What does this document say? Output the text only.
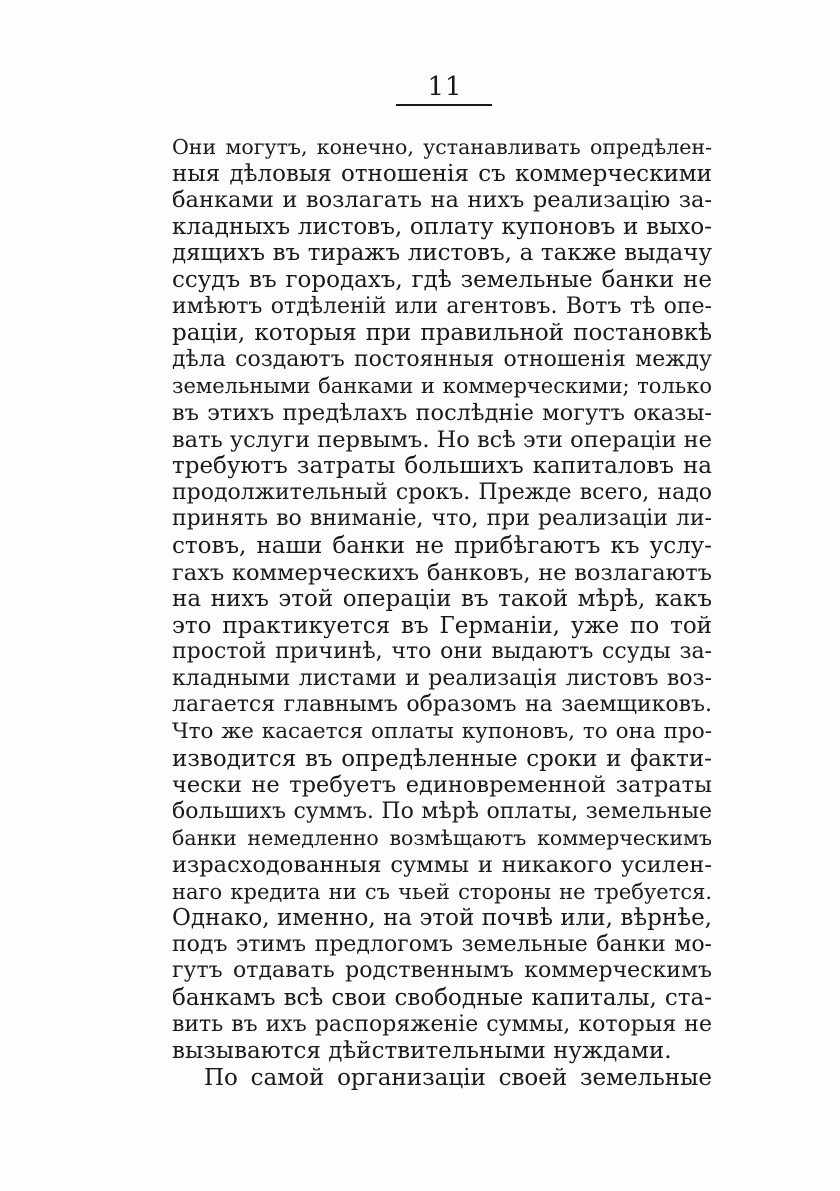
11
Они могутъ, конечно, устанавливать опредѣлен-
ныя дѣловыя отношенія съ коммерческими
банками и возлагать на нихъ реализацію за-
кладныхъ листовъ, оплату купоновъ и выхо-
дящихъ въ тиражъ листовъ, а также выдачу
ссудъ въ городахъ, гдѣ земельные банки не
имѣютъ отдѣленій или агентовъ. Вотъ тѣ опе-
раціи, которыя при правильной постановкѣ
дѣла создаютъ постоянныя отношенія между
земельными банками и коммерческими; только
въ этихъ предѣлахъ послѣдніе могутъ оказы-
вать услуги первымъ. Но всѣ эти операціи не
требуютъ затраты большихъ капиталовъ на
продолжительный срокъ. Прежде всего, надо
принять во вниманіе, что, при реализаціи ли-
стовъ, наши банки не прибѣгаютъ къ услу-
гахъ коммерческихъ банковъ, не возлагаютъ
на нихъ этой операціи въ такой мѣрѣ, какъ
это практикуется въ Германіи, уже по той
простой причинѣ, что они выдаютъ ссуды за-
кладными листами и реализація листовъ воз-
лагается главнымъ образомъ на заемщиковъ.
Что же касается оплаты купоновъ, то она про-
изводится въ опредѣленные сроки и факти-
чески не требуетъ единовременной затраты
большихъ суммъ. По мѣрѣ оплаты, земельные
банки немедленно возмѣщаютъ коммерческимъ
израсходованныя суммы и никакого усилен-
наго кредита ни съ чьей стороны не требуется.
Однако, именно, на этой почвѣ или, вѣрнѣе,
подъ этимъ предлогомъ земельные банки мо-
гутъ отдавать родственнымъ коммерческимъ
банкамъ всѣ свои свободные капиталы, ста-
вить въ ихъ распоряженіе суммы, которыя не
вызываются дѣйствительными нуждами.
По самой организаціи своей земельные
